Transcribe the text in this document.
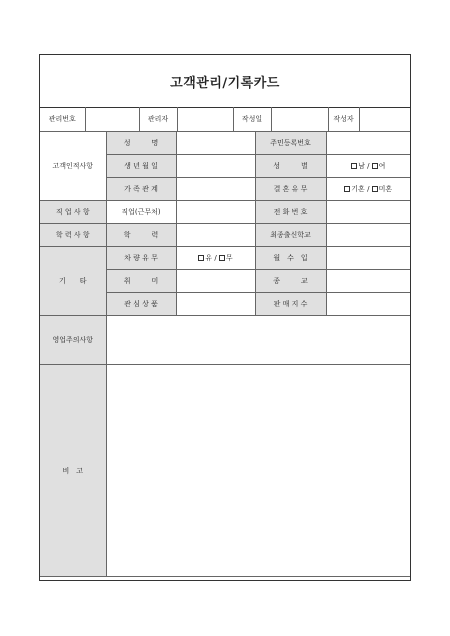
고객관리/기록카드
관리번호		관리자		작성일		작성자	

고객인적사항	성　　　명		주민등록번호	
생 년 월 일		성　　　별	남 / 여
가 족 관 계		결 혼 유 무	기혼 / 미혼
직 업 사 항	직업(근무처)		전 화 번 호	
학 력 사 항	학　　　력		최종출신학교	
기　　타	차 량 유 무	유 / 무	월　수　입	
취　　　미		종　　　교	
관 심 상 품		판 매 지 수	
영업주의사항	
비　고	
